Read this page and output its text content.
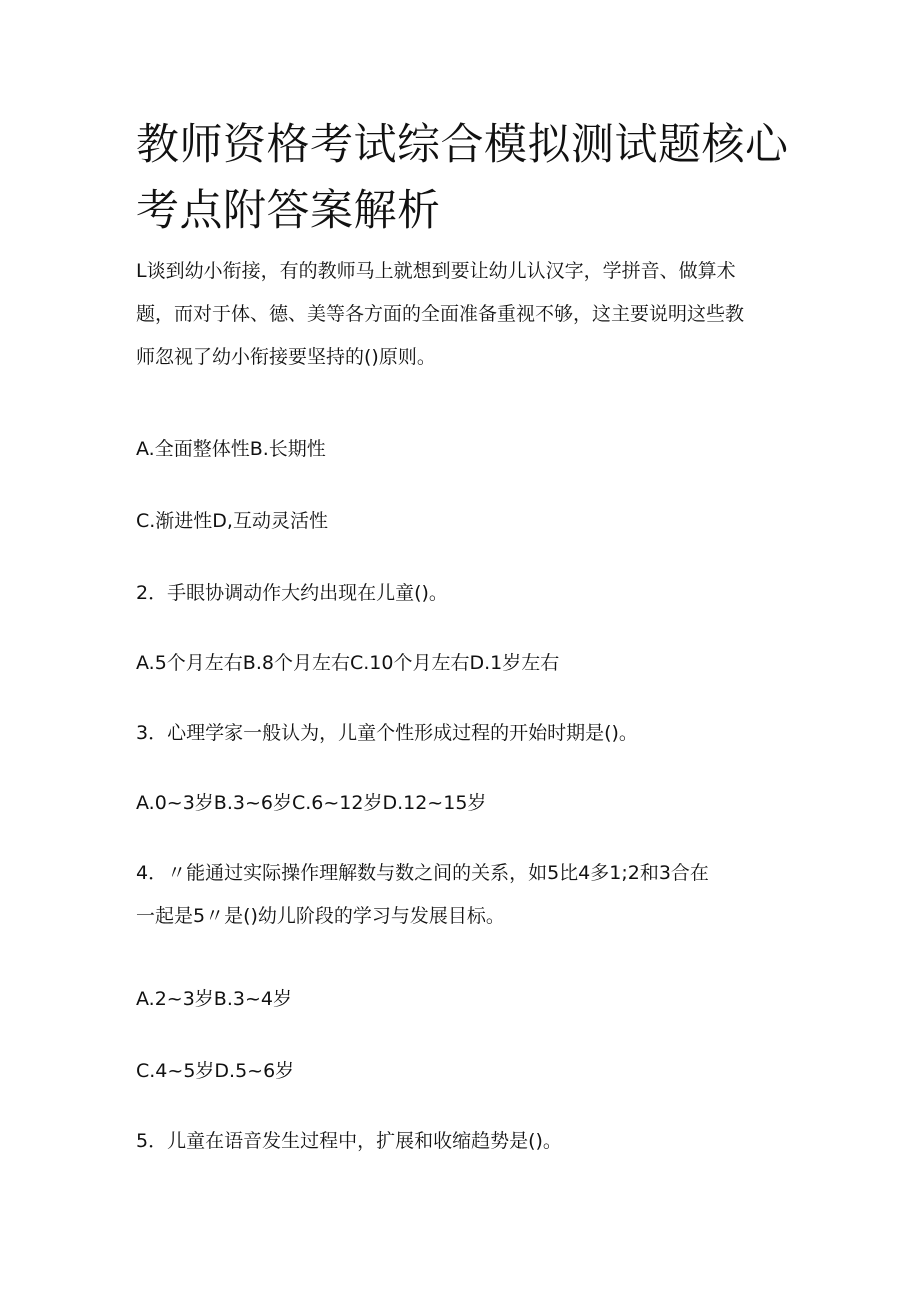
教师资格考试综合模拟测试题核心
考点附答案解析
L谈到幼小衔接，有的教师马上就想到要让幼儿认汉字，学拼音、做算术
题，而对于体、德、美等各方面的全面准备重视不够，这主要说明这些教
师忽视了幼小衔接要坚持的()原则。
A.全面整体性B.长期性
C.渐进性D,互动灵活性
2．手眼协调动作大约出现在儿童()。
A.5个月左右B.8个月左右C.10个月左右D.1岁左右
3．心理学家一般认为，儿童个性形成过程的开始时期是()。
A.0~3岁B.3~6岁C.6~12岁D.12~15岁
4．〃能通过实际操作理解数与数之间的关系，如5比4多1;2和3合在
一起是5〃是()幼儿阶段的学习与发展目标。
A.2~3岁B.3~4岁
C.4~5岁D.5~6岁
5．儿童在语音发生过程中，扩展和收缩趋势是()。
